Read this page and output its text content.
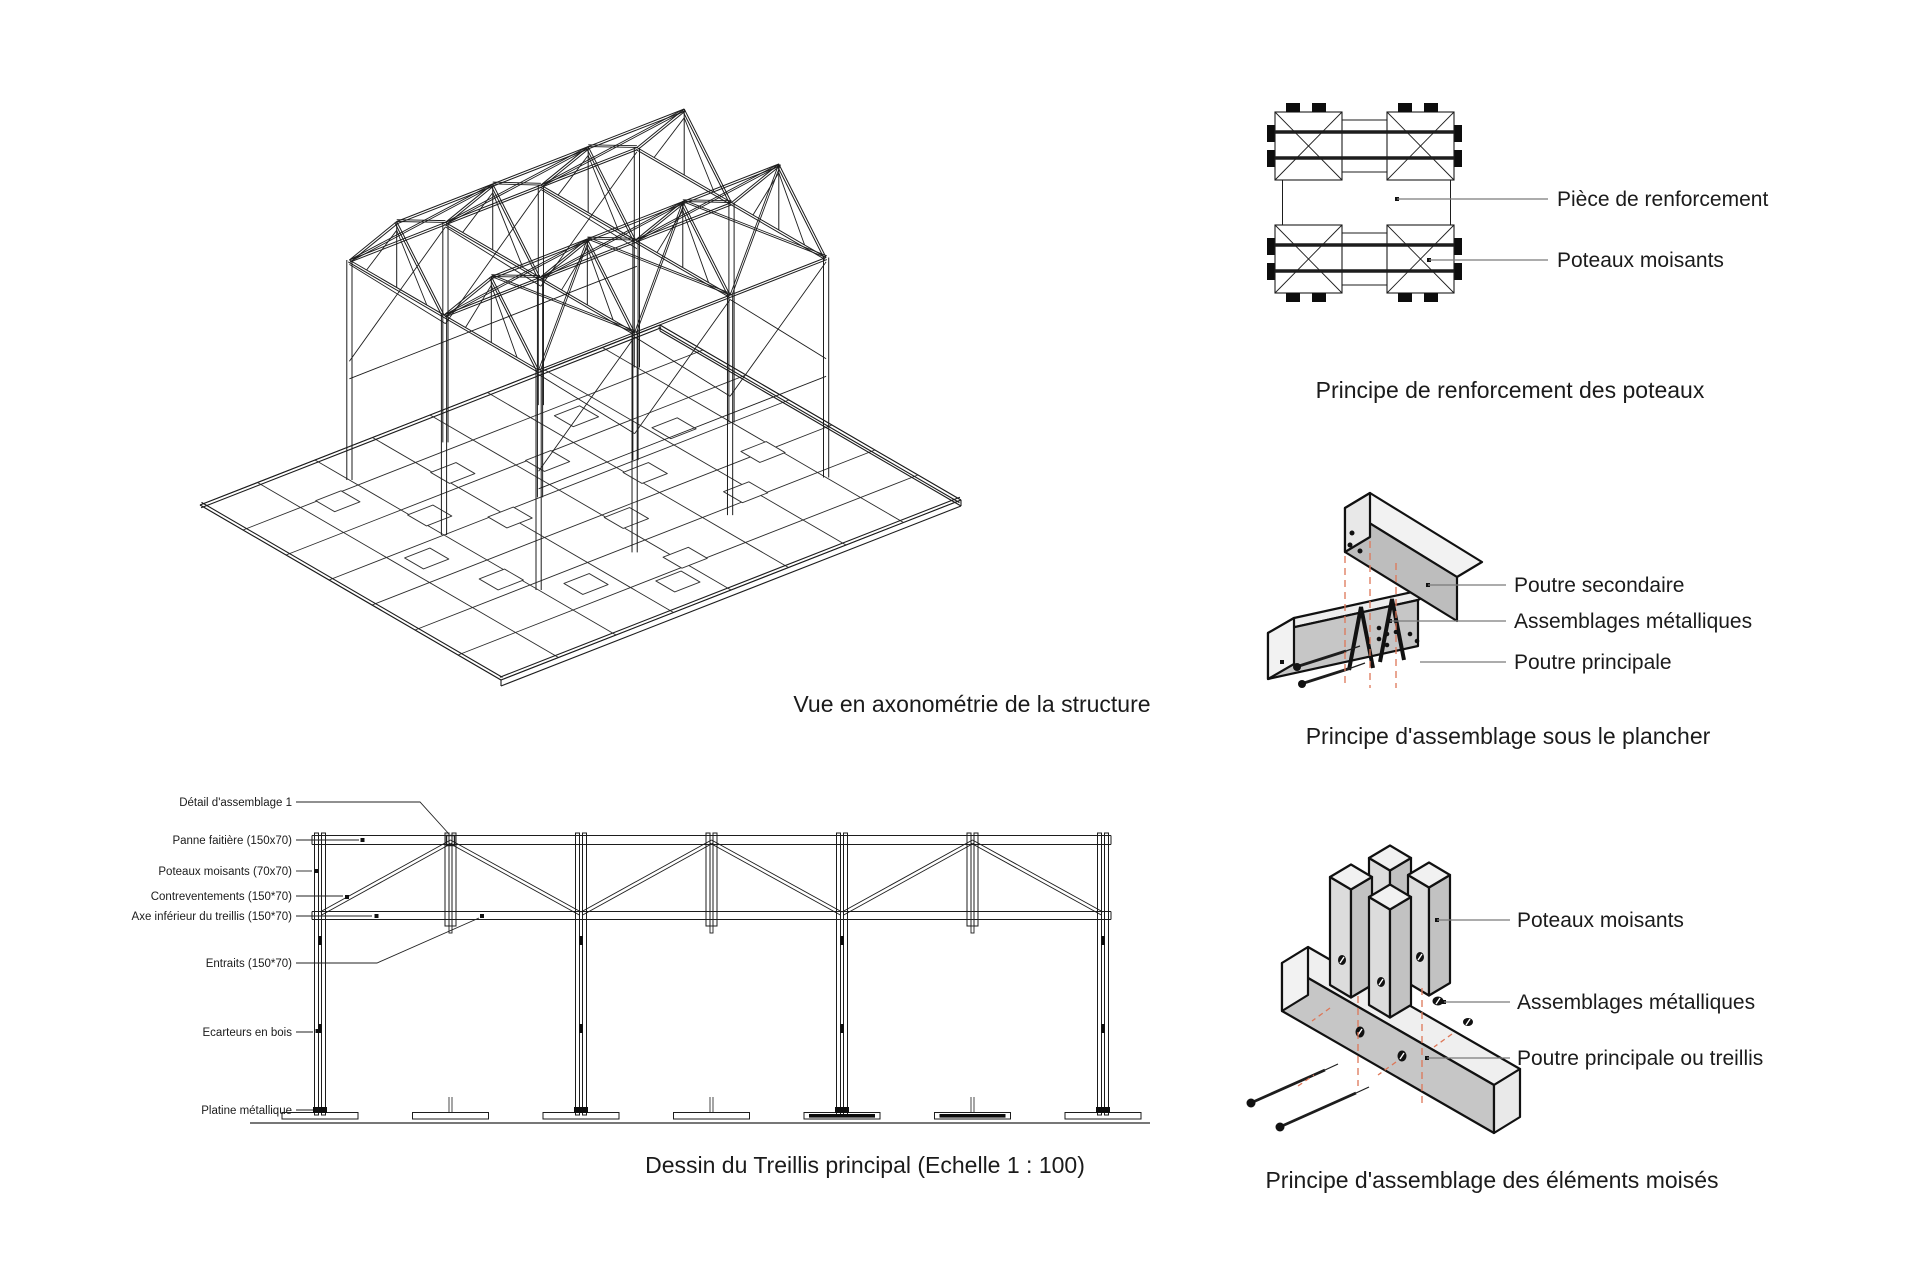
Vue en axonométrie de la structure
Dessin du Treillis principal (Echelle 1 : 100)
Principe de renforcement des poteaux
Principe d'assemblage sous le plancher
Principe d'assemblage des éléments moisés
Détail d'assemblage 1
Panne faitière (150x70)
Poteaux moisants (70x70)
Contreventements (150*70)
Axe inférieur du treillis (150*70)
Entraits (150*70)
Ecarteurs en bois
Platine métallique
Pièce de renforcement
Poteaux moisants
Poutre secondaire
Assemblages métalliques
Poutre principale
Poteaux moisants
Assemblages métalliques
Poutre principale ou treillis
